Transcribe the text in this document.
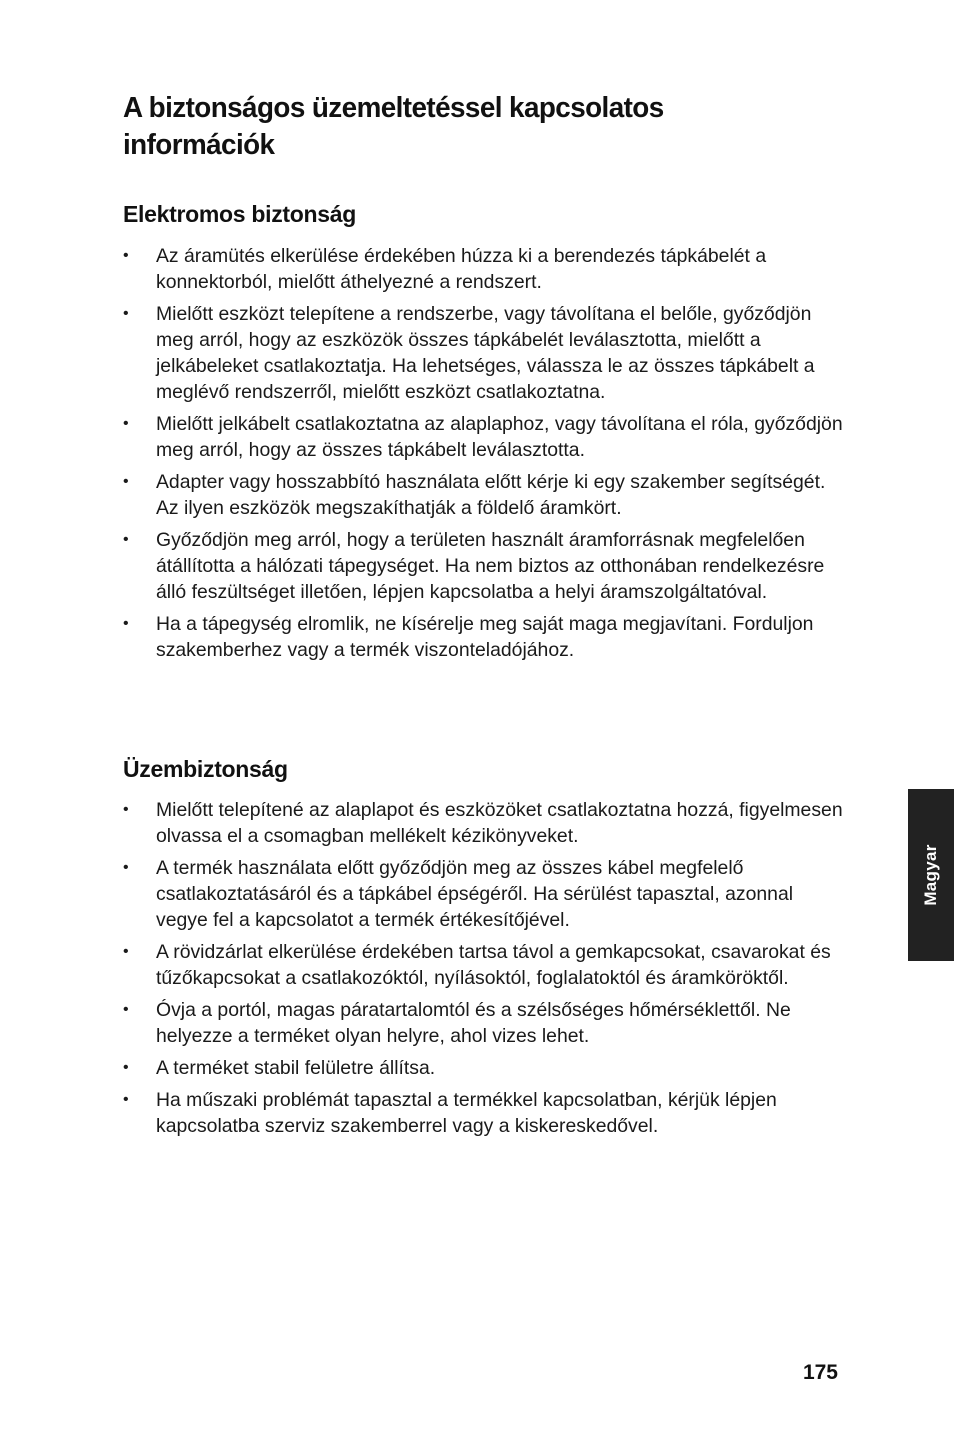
A biztonságos üzemeltetéssel kapcsolatos információk
Elektromos biztonság
•	Az áramütés elkerülése érdekében húzza ki a berendezés tápkábelét a konnektorból, mielőtt áthelyezné a rendszert.
•	Mielőtt eszközt telepítene a rendszerbe, vagy távolítana el belőle, győződjön meg arról, hogy az eszközök összes tápkábelét leválasztotta, mielőtt a jelkábeleket csatlakoztatja. Ha lehetséges, válassza le az összes tápkábelt a meglévő rendszerről, mielőtt eszközt csatlakoztatna.
•	Mielőtt jelkábelt csatlakoztatna az alaplaphoz, vagy távolítana el róla, győződjön meg arról, hogy az összes tápkábelt leválasztotta.
•	Adapter vagy hosszabbító használata előtt kérje ki egy szakember segítségét. Az ilyen eszközök megszakíthatják a földelő áramkört.
•	Győződjön meg arról, hogy a területen használt áramforrásnak megfelelően átállította a hálózati tápegységet. Ha nem biztos az otthonában rendelkezésre álló feszültséget illetően, lépjen kapcsolatba a helyi áramszolgáltatóval.
•	Ha a tápegység elromlik, ne kísérelje meg saját maga megjavítani. Forduljon szakemberhez vagy a termék viszonteladójához.
Üzembiztonság
•	Mielőtt telepítené az alaplapot és eszközöket csatlakoztatna hozzá, figyelmesen olvassa el a csomagban mellékelt kézikönyveket.
•	A termék használata előtt győződjön meg az összes kábel megfelelő csatlakoztatásáról és a tápkábel épségéről. Ha sérülést tapasztal, azonnal vegye fel a kapcsolatot a termék értékesítőjével.
•	A rövidzárlat elkerülése érdekében tartsa távol a gemkapcsokat, csavarokat és tűzőkapcsokat a csatlakozóktól, nyílásoktól, foglalatoktól és áramköröktől.
•	Óvja a portól, magas páratartalomtól és a szélsőséges hőmérséklettől. Ne helyezze a terméket olyan helyre, ahol vizes lehet.
•	A terméket stabil felületre állítsa.
•	Ha műszaki problémát tapasztal a termékkel kapcsolatban, kérjük lépjen kapcsolatba szerviz szakemberrel vagy a kiskereskedővel.
Magyar
175
